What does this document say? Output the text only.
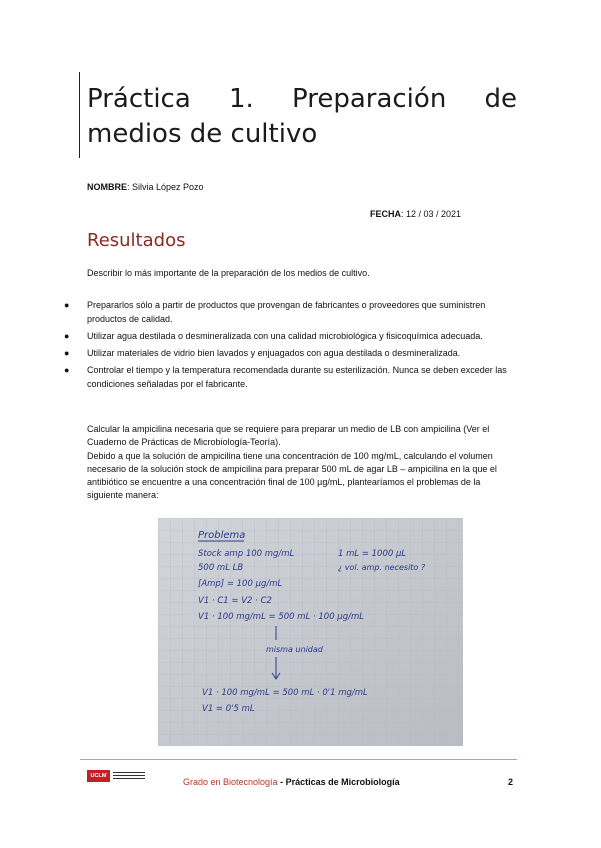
Práctica 1. Preparación de medios de cultivo
NOMBRE: Silvia López Pozo
FECHA: 12 / 03 / 2021
Resultados
Describir lo más importante de la preparación de los medios de cultivo.
● Prepararlos sólo a partir de productos que provengan de fabricantes o proveedores que suministren productos de calidad.
● Utilizar agua destilada o desmineralizada con una calidad microbiológica y fisicoquímica adecuada.
● Utilizar materiales de vidrio bien lavados y enjuagados con agua destilada o desmineralizada.
● Controlar el tiempo y la temperatura recomendada durante su esterilización. Nunca se deben exceder las condiciones señaladas por el fabricante.
Calcular la ampicilina necesaria que se requiere para preparar un medio de LB con ampicilina (Ver el Cuaderno de Prácticas de Microbiología-Teoría).
Debido a que la solución de ampicilina tiene una concentración de 100 mg/mL, calculando el volumen necesario de la solución stock de ampicilina para preparar 500 mL de agar LB – ampicilina en la que el antibiótico se encuentre a una concentración final de 100 µg/mL, plantearíamos el problemas de la siguiente manera:
Problema
Stock amp 100 mg/mL	1 mL = 1000 µL
500 mL LB	¿ vol. amp. necesito ?
[Amp] = 100 µg/mL
V1 · C1 = V2 · C2
V1 · 100 mg/mL = 500 mL · 100 µg/mL
misma unidad
V1 · 100 mg/mL = 500 mL · 0'1 mg/mL
V1 = 0'5 mL
UCLM
Grado en Biotecnología - Prácticas de Microbiología	2
